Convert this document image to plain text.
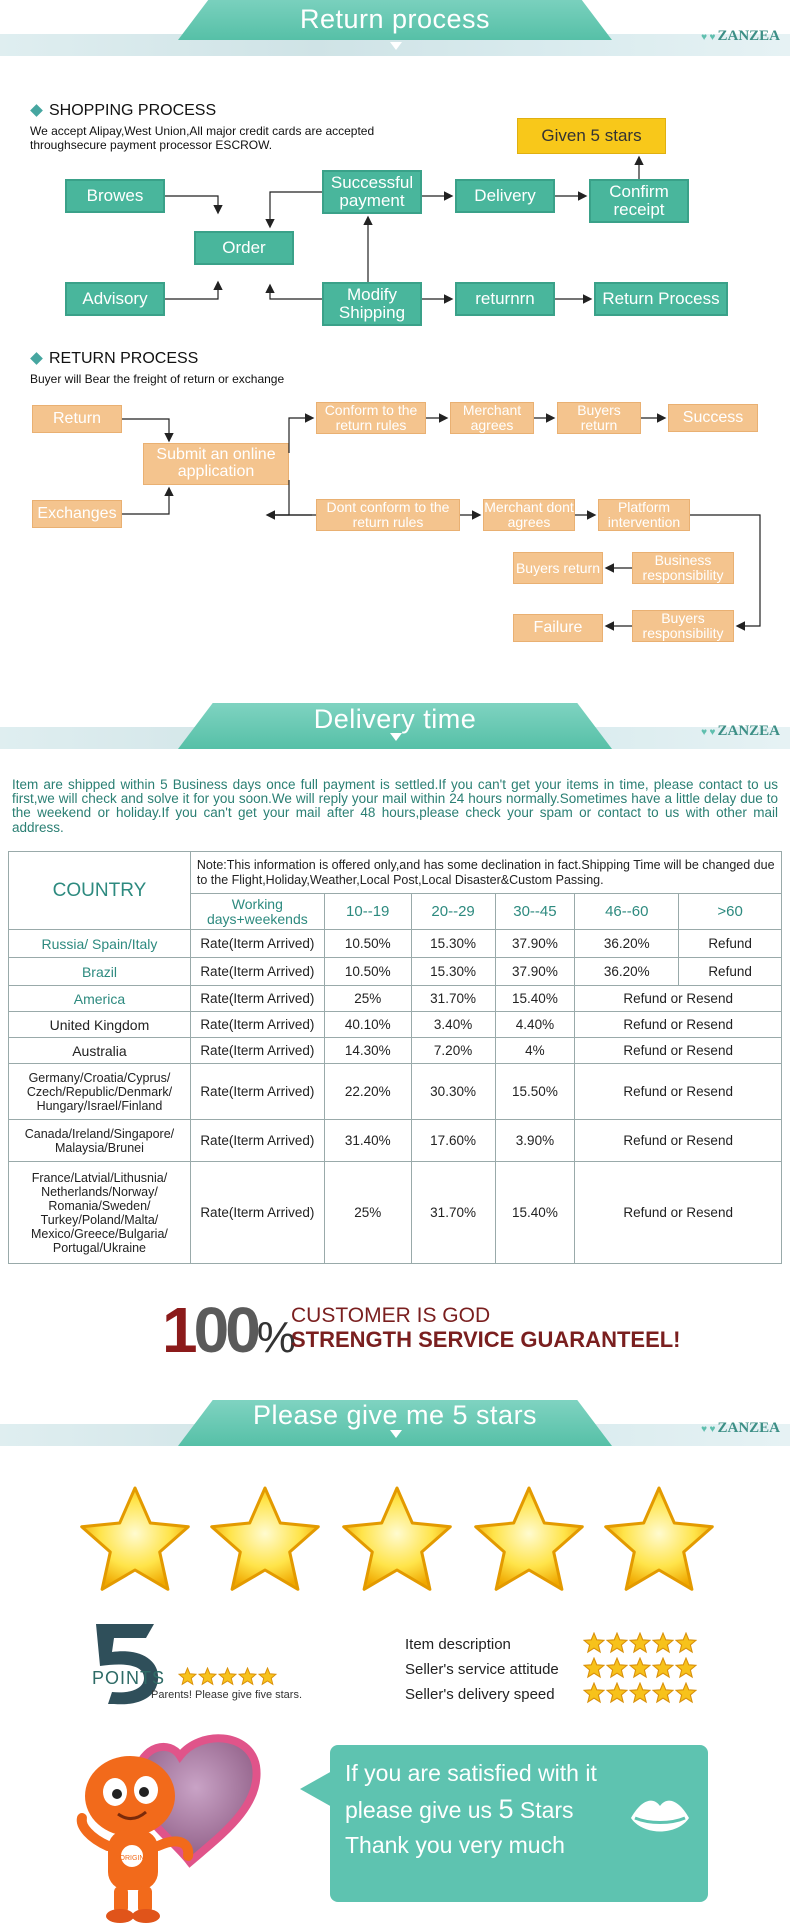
Return process
♥ ♥ ZANZEA
SHOPPING PROCESS
We accept Alipay,West Union,All major credit cards are accepted
throughsecure payment processor ESCROW.
Browes
Advisory
Order
Successful payment
Modify Shipping
Delivery
returnrn
Confirm receipt
Return Process
Given 5 stars
RETURN PROCESS
Buyer will Bear the freight of return or exchange
Return
Exchanges
Submit an online application
Conform to the return rules
Merchant agrees
Buyers return	Success
Dont conform to the return rules
Merchant dont agrees
Platform intervention
Buyers return	Business responsibility
Failure
Buyers responsibility
Delivery time	♥ ♥ ZANZEA
Item are shipped within 5 Business days once full payment is settled.If you can't get your items in time, please contact to us first,we will check and solve it for you soon.We will reply your mail within 24 hours normally.Sometimes have a little delay due to the weekend or holiday.If you can't get your mail after 48 hours,please check your spam or contact to us with other mail address.
COUNTRY	Note:This information is offered only,and has some declination in fact.Shipping Time will be changed due to the Flight,Holiday,Weather,Local Post,Local Disaster&Custom Passing.					
	Working days+weekends	10--19	20--29	30--45	46--60	>60
Russia/ Spain/Italy	Rate(Iterm Arrived)	10.50%	15.30%	37.90%	36.20%	Refund
Brazil	Rate(Iterm Arrived)	10.50%	15.30%	37.90%	36.20%	Refund
America	Rate(Iterm Arrived)	25%	31.70%	15.40%	Refund or Resend	
United Kingdom	Rate(Iterm Arrived)	40.10%	3.40%	4.40%	Refund or Resend	
Australia	Rate(Iterm Arrived)	14.30%	7.20%	4%	Refund or Resend	
Germany/Croatia/Cyprus/ Czech/Republic/Denmark/ Hungary/Israel/Finland	Rate(Iterm Arrived)	22.20%	30.30%	15.50%	Refund or Resend	
Canada/Ireland/Singapore/ Malaysia/Brunei	Rate(Iterm Arrived)	31.40%	17.60%	3.90%	Refund or Resend	
France/Latvial/Lithusnia/ Netherlands/Norway/ Romania/Sweden/ Turkey/Poland/Malta/ Mexico/Greece/Bulgaria/ Portugal/Ukraine	Rate(Iterm Arrived)	25%	31.70%	15.40%	Refund or Resend	
100%
CUSTOMER IS GOD
STRENGTH SERVICE GUARANTEEL!
Please give me 5 stars	♥ ♥ ZANZEA
POINTS
Parents! Please give five stars.
Item description
Seller's service attitude
Seller's delivery speed
ORIGIN
If you are satisfied with it
please give us 5 Stars
Thank you very much
